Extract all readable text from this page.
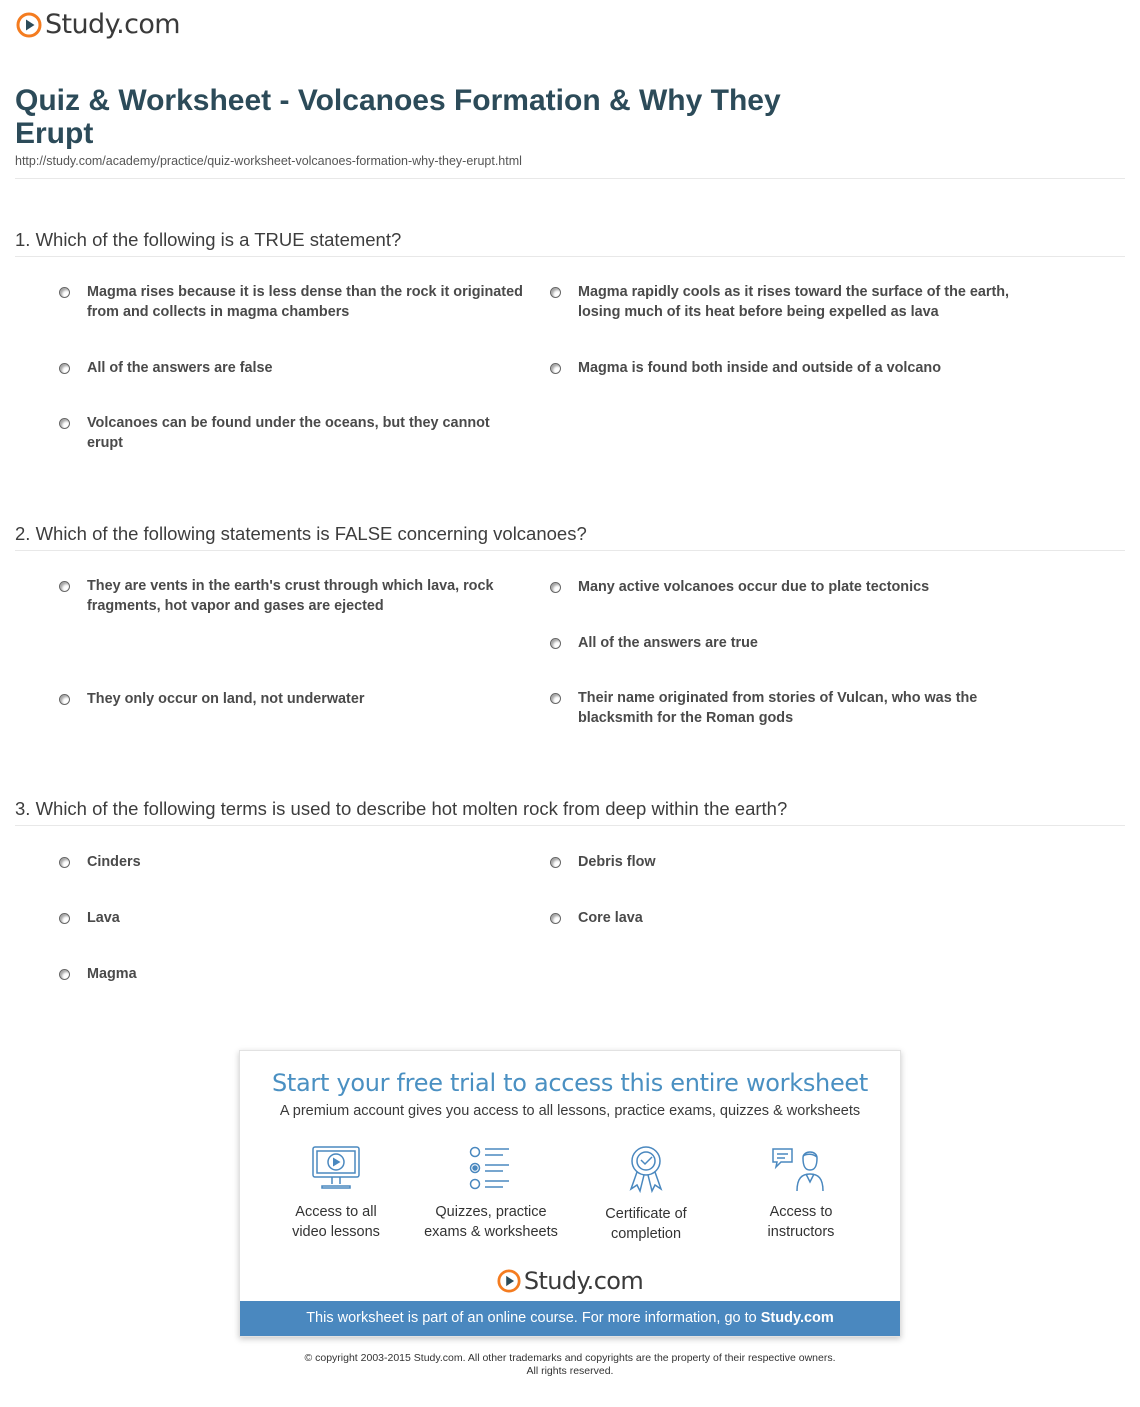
Study.com
Quiz & Worksheet - Volcanoes Formation & Why They Erupt
http://study.com/academy/practice/quiz-worksheet-volcanoes-formation-why-they-erupt.html
1. Which of the following is a TRUE statement?
Magma rises because it is less dense than the rock it originated from and collects in magma chambers
Magma rapidly cools as it rises toward the surface of the earth, losing much of its heat before being expelled as lava
All of the answers are false	Magma is found both inside and outside of a volcano
Volcanoes can be found under the oceans, but they cannot erupt
2. Which of the following statements is FALSE concerning volcanoes?
They are vents in the earth's crust through which lava, rock fragments, hot vapor and gases are ejected
Many active volcanoes occur due to plate tectonics
All of the answers are true
They only occur on land, not underwater	Their name originated from stories of Vulcan, who was the blacksmith for the Roman gods
3. Which of the following terms is used to describe hot molten rock from deep within the earth?
Cinders	Debris flow
Lava	Core lava
Magma
Start your free trial to access this entire worksheet
A premium account gives you access to all lessons, practice exams, quizzes & worksheets
Access to all
video lessons
Quizzes, practice
exams & worksheets
Certificate of
completion
Access to
instructors
Study.com
This worksheet is part of an online course. For more information, go to Study.com
© copyright 2003-2015 Study.com. All other trademarks and copyrights are the property of their respective owners.
All rights reserved.
